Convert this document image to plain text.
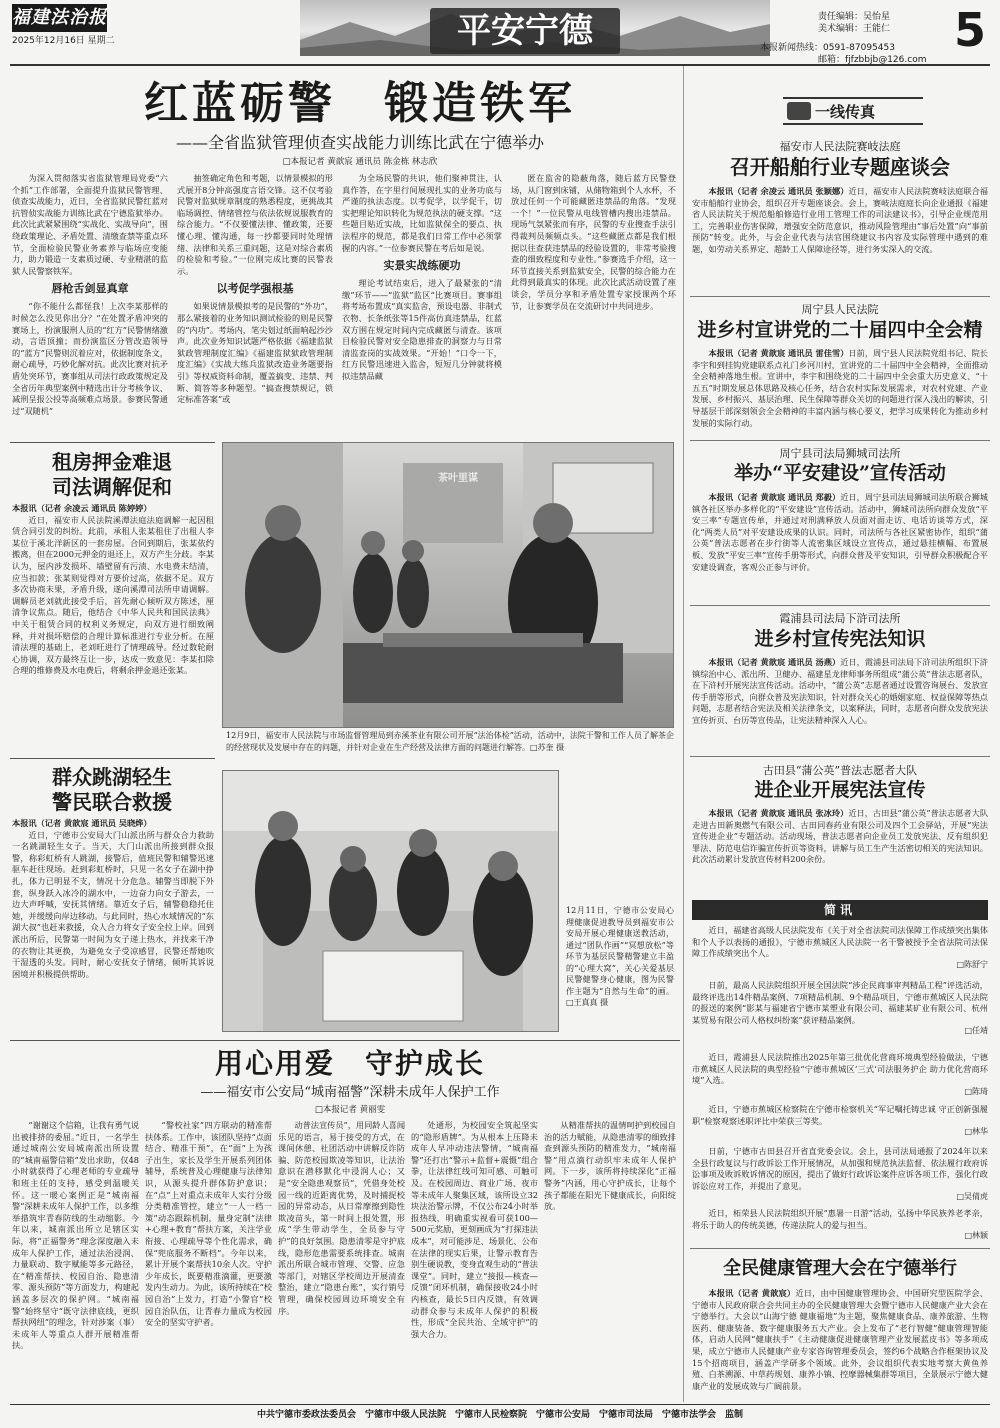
福建法治报
2025年12月16日 星期二	平安宁德	责任编辑：吴怡星
美术编辑：王能仁
本报新闻热线：0591-87095453
邮箱：fjfzbbjb@126.com
5
红蓝砺警　锻造铁军
——全省监狱管理侦查实战能力训练比武在宁德举办
□本报记者 黄歆宸 通讯员 陈金栋 林志欣

为深入贯彻落实省监狱管理局党委“六个抓”工作部署，全面提升监狱民警管理、侦查实战能力，近日，全省监狱民警红蓝对抗管侦实战能力训练比武在宁德监狱举办。此次比武紧紧围绕“实战化、实战导向”，围绕政策理论、矛盾处置、清缴查禁等重点环节，全面检验民警业务素养与临场应变能力，助力锻造一支素质过硬、专业精湛的监狱人民警察铁军。

唇枪舌剑显真章

“你不能什么都怪我！上次李某那样的时候怎么没见你出分？”在处置矛盾冲突的赛场上，扮演服刑人员的“红方”民警情绪激动，言语顶撞；而扮演监区分管改造领导的“蓝方”民警则沉着应对，依据制度条文，耐心疏导，巧妙化解对抗。此次比赛对抗矛盾处突环节，赛事组从司法行政政策规定及全省历年典型案例中精选出计分考核争议、减刑呈报公投等高频难点场景。参赛民警通过“双随机”

抽签确定角色和考题，以情景模拟的形式展开8分钟高强度言语交锋。这不仅考验民警对监狱规章制度的熟悉程度，更挑战其临场调控、情绪管控与依法依规说服教育的综合能力。“不仅要懂法律、懂政策，还要懂心理、懂沟通，每一抄都要同时处理情绪、法律和关系三重问题，这是对综合素质的检验和考验。”一位刚完成比赛的民警表示。

以考促学强根基

如果说情景模拟考的是民警的“外功”，那么紧接着的业务知识测试检验的则是民警的“内功”。考场内，笔尖划过纸面响起沙沙声。此次业务知识试题严格依据《福建监狱狱政管理制度汇编》《福建监狱狱政管理制度汇编》《实战大练兵监狱改造业务题要指引》等权威资料命制，覆盖搞变、违禁、判断、简答等多种题型。“搞查搜禁规记，锁定标准答案”或

为全场民警的共识，他们聚神贯注，认真作答，在字里行间展现扎实的业务功底与严谨的执法态度。以考促学，以学促干，切实把理论知识转化为规范执法的硬支撑。“这些题目贴近实战，比如监狱保全的要点、执法程序的规范，都是我们日常工作中必须掌握的内容。”一位参赛民警在考后如是说。

实景实战练硬功

理论考试结束后，进入了最紧张的“清缴”环节——“监狱”监区“比赛项目。赛事组将考场布置成“真实监舍，预设电器、非制式衣物、长条纸张等15件高仿真违禁品，红蓝双方围在规定时间内完成藏匿与清查。该项目检验民警对安全隐患排查的洞察力与日常清监查岗的实战效果。“开始！”口令一下，红方民警迅速进入监舍，短短几分钟就将模拟违禁品藏

匿在监舍的隐蔽角落，随后蓝方民警登场，从门窗到床铺，从储物箱到个人水杯，不放过任何一个可能藏匿违禁品的角落。“发现一个！”一位民警从电线管槽内搜出违禁品。现场气氛紧张而有序，民警的专业搜查手法引得裁判员频频点头。“这些藏匿点都是我们根据以往查获违禁品的经验设置的，非常考验搜查的细致程度和专业性。”参赛选手介绍，这一环节直接关系到监狱安全，民警的综合能力在此得到最真实的体现。此次比武活动设置了座谈会，学员分享和矛盾处置专家授课两个环节，让参赛学员在交流研讨中共同进步。

租房押金难退
司法调解促和
本报讯（记者 余凌云 通讯员 陈婷婷）

近日，福安市人民法院溪潭法庭法庭调解一起因租赁合同引发的纠纷。此前，承租人张某租住了出租人李某位于溪北洋新区的一套房屋。合同到期后，张某依约搬离，但在2000元押金的退还上，双方产生分歧。李某认为，屋内涉发损坏、墙壁留有污渍、水电费未结清，应当扣款；张某则觉得对方要价过高，依据不足。双方多次协商未果，矛盾升级，遂向溪潭司法所申请调解。调解员老刘就此接受手后，首先耐心倾听双方陈述，厘清争议焦点。随后，他结合《中华人民共和国民法典》中关于租赁合同的权利义务规定，向双方进行细致阐释，并对损坏赔偿的合理计算标准进行专业分析。在厘清法理的基础上，老刘旺进行了情理疏导。经过数轮耐心协调，双方最终互让一步，达成一致意见：李某扣除合理的维修费及水电费后，将剩余押金退还张某。

茶叶里谋
12月9日，福安市人民法院与市场监督管理局到赤溪茶业有限公司开展“法治体检”活动，活动中，法院干警和工作人员了解茶企的经营现状及发展中存在的问题，并针对企业在生产经营及法律方面的问题进行解答。□苏奎 摄
群众跳湖轻生
警民联合救援
本报讯（记者 黄歆宸 通讯员 吴晓烨）

近日，宁德市公安局大门山派出所与群众合力救助一名跳湖轻生女子。当天，大门山派出所接到群众报警，称彩虹桥有人跳湖，接警后，值班民警和辅警迅速驱车赶往现场。赶到彩虹桥时，只见一名女子在湖中挣扎，体力已明显不支，情况十分危急。辅警当即脱下外套，纵身跃入冰冷的湖水中，一边奋力向女子游去，一边大声呼喊，安抚其情绪。靠近女子后，辅警稳稳托住她，并缓缓向岸边移动。与此同时，热心水域情况的“东湖大叔”也赶来救援，众人合力将女子安全拉上岸。回到派出所后，民警第一时间为女子递上热水，并找来干净的衣物让其更换，为避免女子受凉感冒，民警还帮她吹干湿透的头发。同时，耐心安抚女子情绪，倾听其诉说困境并积极提供帮助。

12月11日，宁德市公安局心理健康促进教导员到福安市公安局开展心理健康送教活动，通过“团队作画”“冥想放松”等环节为基层民警精警建立丰盈的“心理大窝”，关心关爱基层民警健警身心健康，图为民警作主题为“自然与生命”的画。□王真真 摄
用心用爱　守护成长
——福安市公安局“城南福警”深耕未成年人保护工作
□本报记者 黄丽雯

“谢谢这个信箱，让我有勇气说出被排挤的委屈。”近日，一名学生通过城南公安局城南派出所设置的“城南福警信箱”发出求助，仅48小时就获得了心理老师的专业疏导和班主任的支持，感受到温暖关怀。这一暖心案例正是“城南福警”深耕未成年人保护工作，以多维举措筑牢青春防线的生动缩影。今年以来，城南派出所立足辖区实际，将“正福警务”理念深度融入未成年人保护工作，通过法治浸润、力量联动、数字赋能等多元路径，在“精准帮扶、校园自治、隐患清零、源头预防”等方面发力，构建起涵盖多层次的保护网。“城南福警”始终坚守“既守法律底线，更织帮扶网纽”的理念，针对涉案（事）未成年人等重点人群开展精准帮扶。

“警校社家”四方联动的精准帮扶体系。工作中，该团队坚持“点面结合、精准干预”，在“面”上为孩子出生，家长及学生开展系列团体辅导，系统普及心理健康与法律知识，从源头提升群体防护意识；在“点”上对重点未成年人实行分级分类精准管控，建立“一人一档一策”动态跟踪机制，量身定制“法律+心理+教育”帮扶方案，关注学业衔接、心理疏导等个性化需求，确保“兜底服务不断档”。今年以来，累计开展个案帮扶10余人次。守护少年成长，既要精准滴灌，更要激发内生动力。为此，该所持续在“校园自治”上发力，打造“小警官”校园自治队伍，让青春力量成为校园安全的坚实守护者。

动普法宣传员”，用同龄人喜闻乐见的语言，易于接受的方式，在课间休憩、社团活动中讲解反诈防骗、防范校园欺凌等知识，让法治意识在潜移默化中浸润人心；又是“安全隐患观察员”，凭借身处校园一线的近距离优势，及时捕捉校园的异常动态，从日常摩擦到隐性欺凌苗头，第一时间上报处置，形成“学生带动学生，全员参与守护”的良好氛围。隐患清零是守护底线，隐形危患需要系统排查。城南派出所联合城市管理、交警、应急等部门，对辖区学校周边开展清查整治，建立“隐患台账”，实行销号管理，确保校园周边环境安全有序。

处通形，为校园安全筑起坚实的“隐形盾牌”。为从根本上压降未成年人早冲动违法警情，“城南福警”还打出“警示+监督+震慑”组合拳，让法律红线可知可感、可触可及。在校园周边、商业广场、夜市等未成年人聚集区域，该所设立32块法治警示牌，不仅公布24小时举报热线，明确重实视看可获100—500元奖励，更刻画成为“打探违法成本”，对可能涉足、场景化、公布在法律的现实后果，让警示教育告别生硬说教，变身直观生动的“普法课堂”。同时，建立“接报—核查—反馈”闭环机制，确保接收24小时内核查，最长5日内反馈，有效调动群众参与未成年人保护的积极性，形成“全民共治、全域守护”的强大合力。

从精准帮扶的温情呵护到校园自治的活力赋能，从隐患清零的细致排查到源头预防的精准发力，“城南福警”用点滴行动织牢未成年人保护网。下一步，该所将持续深化“正福警务”内涵，用心守护成长，让每个孩子都能在阳光下健康成长，向阳绽放。

一线传真
福安市人民法院赛岐法庭
召开船舶行业专题座谈会

本报讯（记者 余凌云 通讯员 张颖娜）近日，福安市人民法院赛岐法庭联合福安市船舶行业协会，组织召开专题座谈会。会上，赛岐法庭庭长向企业通报《福建省人民法院关于规范船舶修造行业用工管理工作的司法建议书》，引导企业规范用工，完善职业伤害保障，增强安全防范意识，推动风险管理由“事后处置”向“事前预防”转变。此外，与会企业代表与法官围绕建议书内容及实际管理中遇到的难题，如劳动关系界定、超龄工人保障途径等，进行务实深入的交流。

周宁县人民法院
进乡村宣讲党的二十届四中全会精

本报讯（记者 黄歆宸 通讯员 雷佳雪）日前，周宁县人民法院党组书记、院长李宇和到挂钩党建联系点礼门乡河川村，宣讲党的二十届四中全会精神，全面推动全会精神落地生根。宣讲中，李宇和围绕党的二十届四中全会重大历史意义、“十五五”时期发展总体思路及核心任务，结合农村实际发展需求，对农村党建、产业发展、乡村振兴、基层治理、民生保障等群众关切的问题进行深入浅出的解读，引导基层干部深刻领会全会精神的丰富内涵与核心要义，把学习成果转化为推动乡村发展的实际行动。

周宁县司法局狮城司法所
举办“平安建设”宣传活动

本报讯（记者 黄歆宸 通讯员 郑毅）近日，周宁县司法局狮城司法所联合狮城镇各社区举办多样化的“平安建设”宣传活动。活动中，狮城司法所向群众发放“平安三率”专题宣传单，并通过对刑满释放人员面对面走访、电话访谈等方式，深化“两类人员”对平安建设成果的认识。同时，司法所与各社区紧密协作，组织“蒲公英”普法志愿者在步行街等人流密集区域设立宣传点，通过悬挂横幅、布置展板、发放“平安三率”宣传手册等形式，向群众普及平安知识，引导群众积极配合平安建设调查，客观公正参与评价。

霞浦县司法局下浒司法所
进乡村宣传宪法知识

本报讯（记者 黄歆宸 通讯员 汤燕）近日，霞浦县司法局下浒司法所组织下浒镇综治中心、派出所、卫健办、福建星龙律师事务所组成“蒲公英”普法志愿者队，在下浒村开展宪法宣传活动。活动中，“蒲公英”志愿者通过设置咨询展台、发放宣传手册等形式，向群众普及宪法知识，针对群众关心的婚姻家庭、权益保障等热点问题，志愿者结合宪法及相关法律条文，以案释法，同时，志愿者向群众发放宪法宣传折页、台历等宣传品，让宪法精神深入人心。

古田县“蒲公英”普法志愿者大队
进企业开展宪法宣传

本报讯（记者 黄歆宸 通讯员 张冰玲）近日，古田县“蒲公英”普法志愿者大队走进古田新奥燃气有限公司、古田同春药业有限公司及四个工会驿站，开展“宪法宣传进企业”专题活动。活动现场，普法志愿者向企业员工发放宪法、反有组织犯罪法、防范电信诈骗宣传折页等资料，讲解与员工生产生活密切相关的宪法知识。此次活动累计发放宣传材料200余份。

简讯

近日，福建省高级人民法院发布《关于对全省法院司法保障工作成绩突出集体和个人予以表扬的通报》，宁德市蕉城区人民法院一名干警被授予全省法院司法保障工作成绩突出个人。

□陈舒宁

日前，最高人民法院组织开展全国法院“涉企民商事审判精品工程”评选活动，最终评选出14件精品案例、7项精品机制、9个精品项目，宁德市蕉城区人民法院的报送的案例“影某与福建省宁德市某塑业有限公司、福建某矿业有限公司、杭州某贸易有限公司人格权纠纷案”获评精品案例。

□任靖

近日，霞浦县人民法院推出2025年第三批优化营商环境典型经验做法，宁德市蕉城区人民法院的典型经验“宁德市蕉城区‘三式’司法服务护企 助力优化营商环境”入选。

□陈琦

近日，宁德市蕉城区检察院在宁德市检察机关“军记嘱托铸忠诚 守正创新强履职”检察观察述职评比中荣获三等奖。

□林华

日前，宁德市古田县召开省直党委会议。会上，县司法局通报了2024年以来全县行政复议与行政诉讼工作开展情况，从加强和规范执法监督、依法履行政府诉讼事项及败诉败诉情况的原因，提出了做好行政诉讼案件应诉各项工作，强化行政诉讼应对工作，并提出了意见。

□吴倩虎

近日，柘荣县人民法院组织开展“惠暑一日游”活动，弘扬中华民族养老孝亲，将乐于助人的传统美德，传递法院人的爱与担当。

□林颖
全民健康管理大会在宁德举行

本报讯（记者 黄歆宸）近日，由中国健康管理协会、中国研究型医院学会、宁德市人民政府联合会共同主办的全民健康管理大会暨宁德市人民健康产业大会在宁德举行。大会以“山海宁德 健康福地”为主题，聚焦健康食品、康养旅游、生物医药、健康装备、数字健康服务五大产业。会上发布了“老行智健”健康管理智能体，启动人民网“健康扶手”《主动健康促进健康管理产业发展蓝皮书》等多项成果，成立宁德市人民健康产业专家咨询管理委员会，签约6个战略合作框架协议及15个招商项目，涵盖产学研多个领域。此外，会议组织代表实地考察大黄鱼养殖、白茶溯源、中草药规划、康养小镇、控摩器械集群等项目，全景展示宁德大健康产业的发展成效与广阔前景。

中共宁德市委政法委员会　宁德市中级人民法院　宁德市人民检察院　宁德市公安局　宁德市司法局　宁德市法学会　监制
